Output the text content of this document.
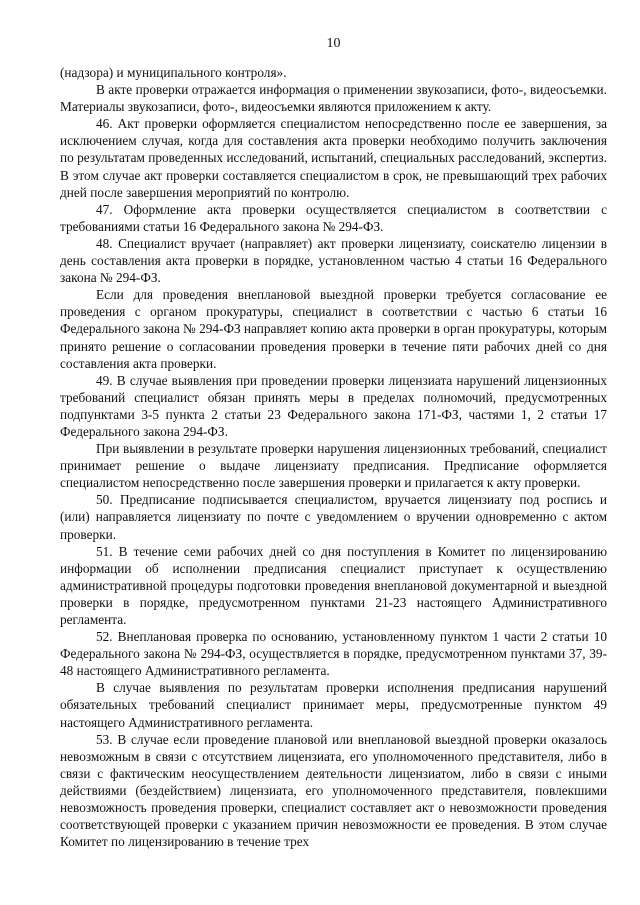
10

(надзора) и муниципального контроля».

В акте проверки отражается информация о применении звукозаписи, фото-, видеосъемки. Материалы звукозаписи, фото-, видеосъемки являются приложением к акту.

46. Акт проверки оформляется специалистом непосредственно после ее завершения, за исключением случая, когда для составления акта проверки необходимо получить заключения по результатам проведенных исследований, испытаний, специальных расследований, экспертиз. В этом случае акт проверки составляется специалистом в срок, не превышающий трех рабочих дней после завершения мероприятий по контролю.

47. Оформление акта проверки осуществляется специалистом в соответствии с требованиями статьи 16 Федерального закона № 294-ФЗ.

48. Специалист вручает (направляет) акт проверки лицензиату, соискателю лицензии в день составления акта проверки в порядке, установленном частью 4 статьи 16 Федерального закона № 294-ФЗ.

Если для проведения внеплановой выездной проверки требуется согласование ее проведения с органом прокуратуры, специалист в соответствии с частью 6 статьи 16 Федерального закона № 294-ФЗ направляет копию акта проверки в орган прокуратуры, которым принято решение о согласовании проведения проверки в течение пяти рабочих дней со дня составления акта проверки.

49. В случае выявления при проведении проверки лицензиата нарушений лицензионных требований специалист обязан принять меры в пределах полномочий, предусмотренных подпунктами 3-5 пункта 2 статьи 23 Федерального закона 171-ФЗ, частями 1, 2 статьи 17 Федерального закона 294-ФЗ.

При выявлении в результате проверки нарушения лицензионных требований, специалист принимает решение о выдаче лицензиату предписания. Предписание оформляется специалистом непосредственно после завершения проверки и прилагается к акту проверки.

50. Предписание подписывается специалистом, вручается лицензиату под роспись и (или) направляется лицензиату по почте с уведомлением о вручении одновременно с актом проверки.

51. В течение семи рабочих дней со дня поступления в Комитет по лицензированию информации об исполнении предписания специалист приступает к осуществлению административной процедуры подготовки проведения внеплановой документарной и выездной проверки в порядке, предусмотренном пунктами 21-23 настоящего Административного регламента.

52. Внеплановая проверка по основанию, установленному пунктом 1 части 2 статьи 10 Федерального закона № 294-ФЗ, осуществляется в порядке, предусмотренном пунктами 37, 39-48 настоящего Административного регламента.

В случае выявления по результатам проверки исполнения предписания нарушений обязательных требований специалист принимает меры, предусмотренные пунктом 49 настоящего Административного регламента.

53. В случае если проведение плановой или внеплановой выездной проверки оказалось невозможным в связи с отсутствием лицензиата, его уполномоченного представителя, либо в связи с фактическим неосуществлением деятельности лицензиатом, либо в связи с иными действиями (бездействием) лицензиата, его уполномоченного представителя, повлекшими невозможность проведения проверки, специалист составляет акт о невозможности проведения соответствующей проверки с указанием причин невозможности ее проведения. В этом случае Комитет по лицензированию в течение трех
